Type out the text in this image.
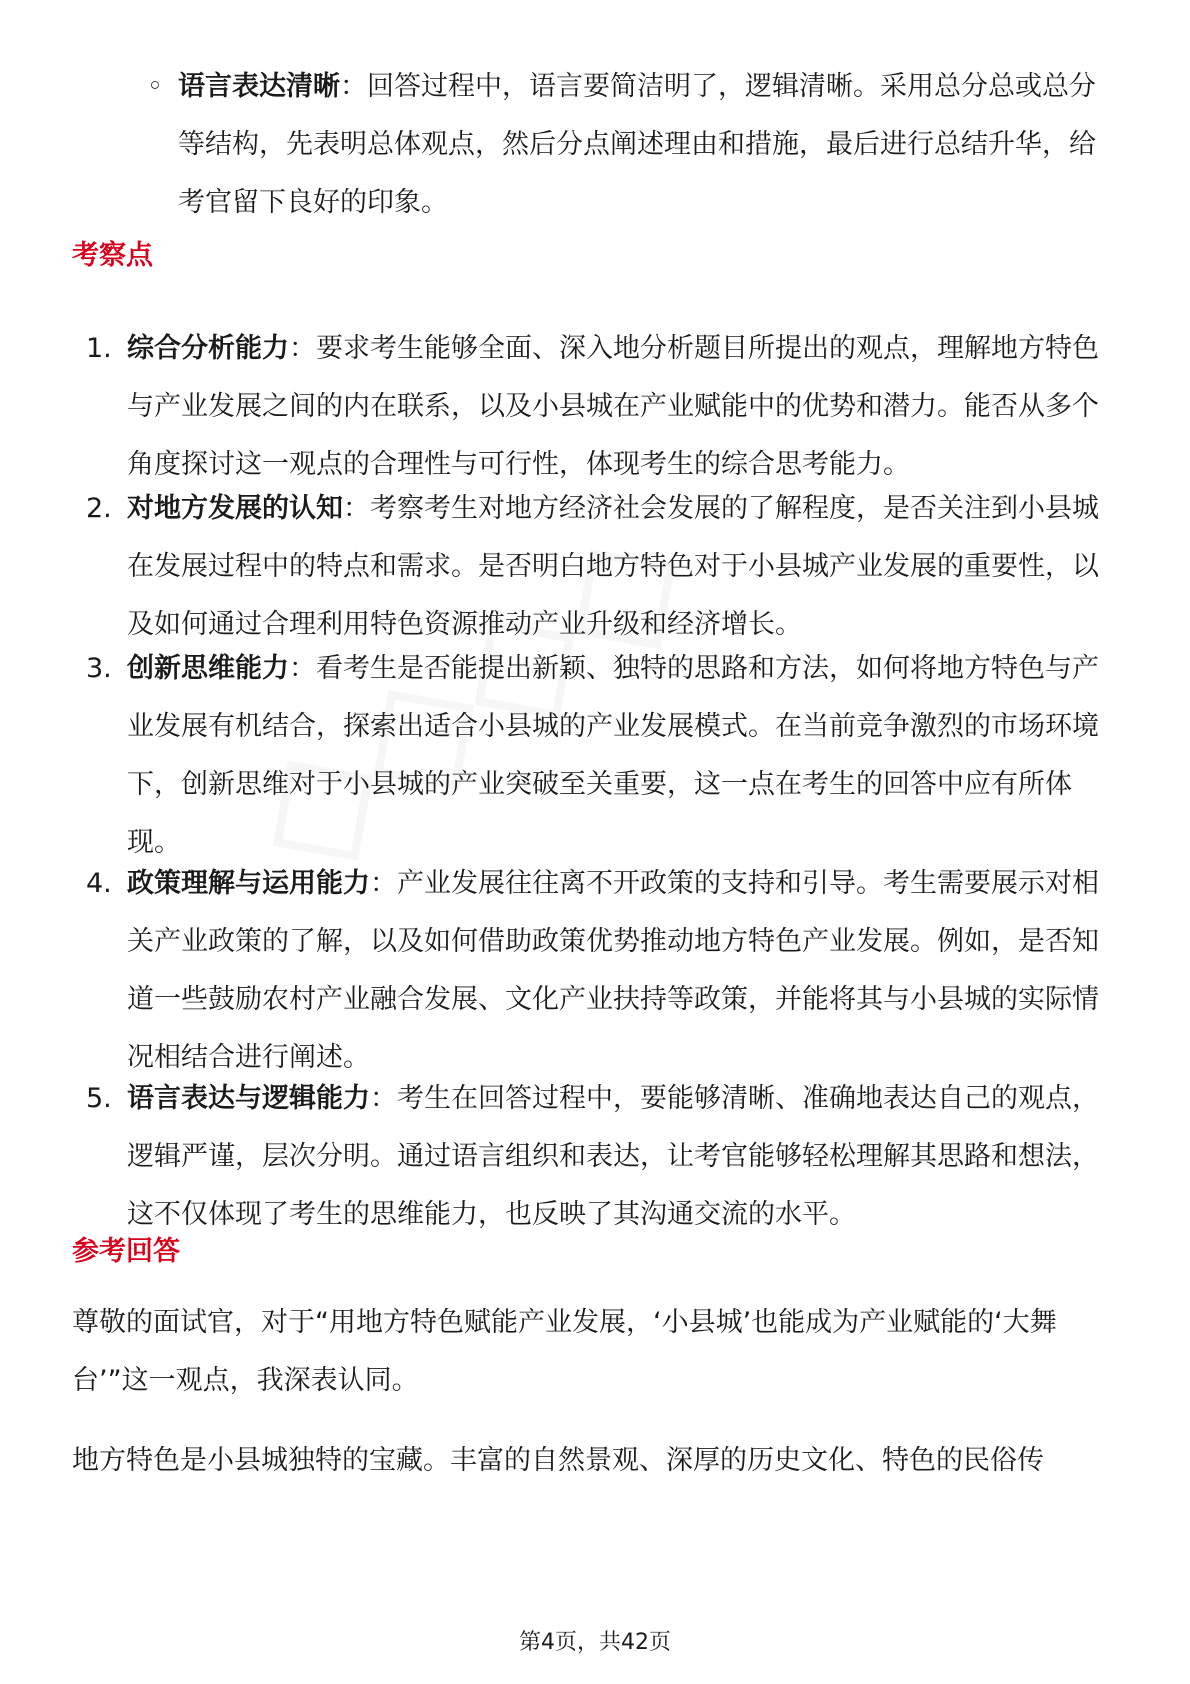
◦ 语言表达清晰：回答过程中，语言要简洁明了，逻辑清晰。采用总分总或总分等结构，先表明总体观点，然后分点阐述理由和措施，最后进行总结升华，给考官留下良好的印象。
考察点
1. 综合分析能力：要求考生能够全面、深入地分析题目所提出的观点，理解地方特色与产业发展之间的内在联系，以及小县城在产业赋能中的优势和潜力。能否从多个角度探讨这一观点的合理性与可行性，体现考生的综合思考能力。
2. 对地方发展的认知：考察考生对地方经济社会发展的了解程度，是否关注到小县城在发展过程中的特点和需求。是否明白地方特色对于小县城产业发展的重要性，以及如何通过合理利用特色资源推动产业升级和经济增长。
3. 创新思维能力：看考生是否能提出新颖、独特的思路和方法，如何将地方特色与产业发展有机结合，探索出适合小县城的产业发展模式。在当前竞争激烈的市场环境下，创新思维对于小县城的产业突破至关重要，这一点在考生的回答中应有所体现。
4. 政策理解与运用能力：产业发展往往离不开政策的支持和引导。考生需要展示对相关产业政策的了解，以及如何借助政策优势推动地方特色产业发展。例如，是否知道一些鼓励农村产业融合发展、文化产业扶持等政策，并能将其与小县城的实际情况相结合进行阐述。
5. 语言表达与逻辑能力：考生在回答过程中，要能够清晰、准确地表达自己的观点，逻辑严谨，层次分明。通过语言组织和表达，让考官能够轻松理解其思路和想法，这不仅体现了考生的思维能力，也反映了其沟通交流的水平。
参考回答
尊敬的面试官，对于“用地方特色赋能产业发展，‘小县城’也能成为产业赋能的‘大舞台’”这一观点，我深表认同。
地方特色是小县城独特的宝藏。丰富的自然景观、深厚的历史文化、特色的民俗传
第4页，共42页
